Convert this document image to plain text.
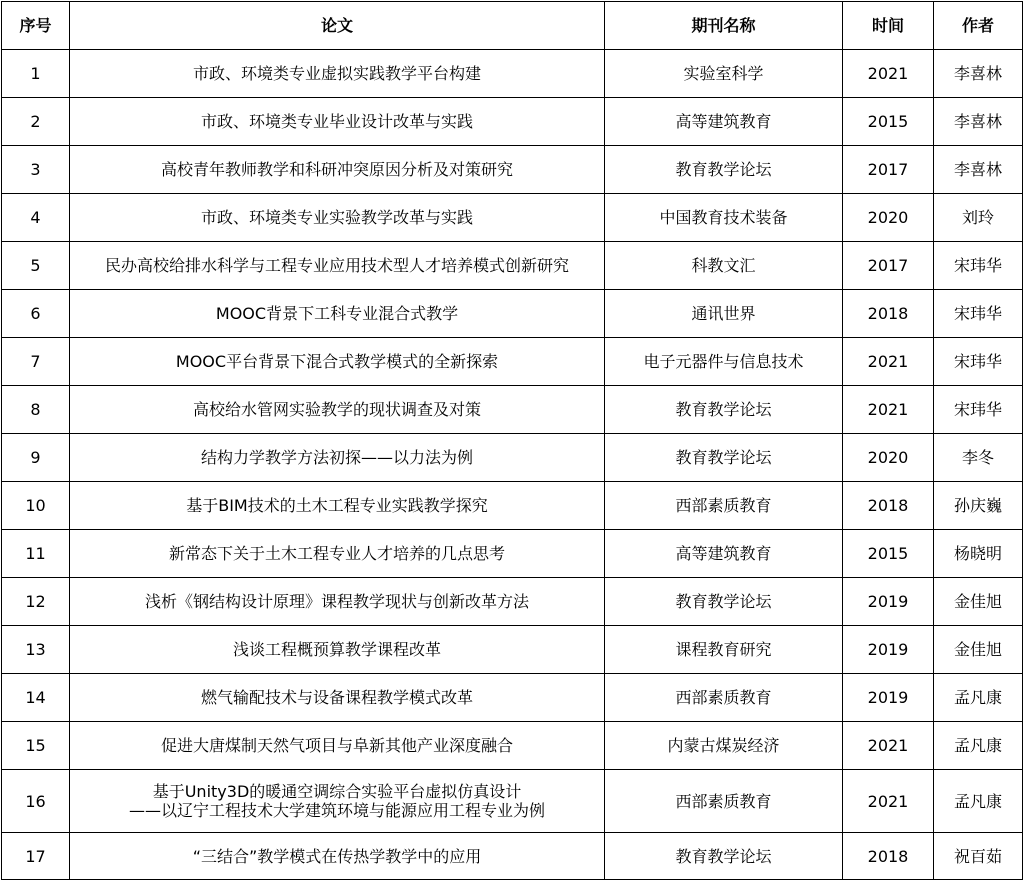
序号	论文	期刊名称	时间	作者
1	市政、环境类专业虚拟实践教学平台构建	实验室科学	2021	李喜林
2	市政、环境类专业毕业设计改革与实践	高等建筑教育	2015	李喜林
3	高校青年教师教学和科研冲突原因分析及对策研究	教育教学论坛	2017	李喜林
4	市政、环境类专业实验教学改革与实践	中国教育技术装备	2020	刘玲
5	民办高校给排水科学与工程专业应用技术型人才培养模式创新研究	科教文汇	2017	宋玮华
6	MOOC背景下工科专业混合式教学	通讯世界	2018	宋玮华
7	MOOC平台背景下混合式教学模式的全新探索	电子元器件与信息技术	2021	宋玮华
8	高校给水管网实验教学的现状调查及对策	教育教学论坛	2021	宋玮华
9	结构力学教学方法初探——以力法为例	教育教学论坛	2020	李冬
10	基于BIM技术的土木工程专业实践教学探究	西部素质教育	2018	孙庆巍
11	新常态下关于土木工程专业人才培养的几点思考	高等建筑教育	2015	杨晓明
12	浅析《钢结构设计原理》课程教学现状与创新改革方法	教育教学论坛	2019	金佳旭
13	浅谈工程概预算教学课程改革	课程教育研究	2019	金佳旭
14	燃气输配技术与设备课程教学模式改革	西部素质教育	2019	孟凡康
15	促进大唐煤制天然气项目与阜新其他产业深度融合	内蒙古煤炭经济	2021	孟凡康
16	基于Unity3D的暖通空调综合实验平台虚拟仿真设计
——以辽宁工程技术大学建筑环境与能源应用工程专业为例	西部素质教育	2021	孟凡康
17	“三结合”教学模式在传热学教学中的应用	教育教学论坛	2018	祝百茹
